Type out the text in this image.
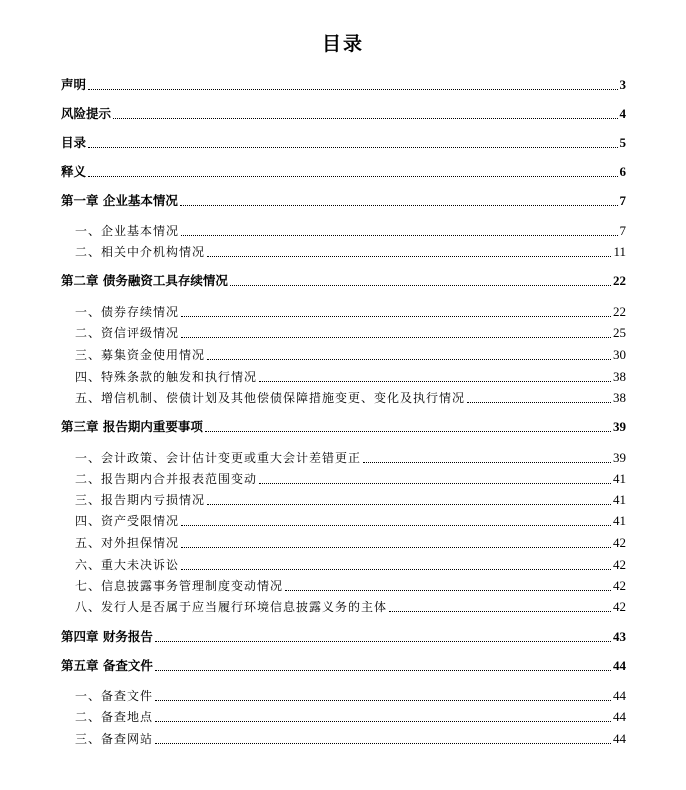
目录
声明	3
风险提示	4
目录	5
释义	6
第一章 企业基本情况	7
一、企业基本情况	7
二、相关中介机构情况	11
第二章 债务融资工具存续情况	22
一、债券存续情况	22
二、资信评级情况	25
三、募集资金使用情况	30
四、特殊条款的触发和执行情况	38
五、增信机制、偿债计划及其他偿债保障措施变更、变化及执行情况	38
第三章 报告期内重要事项	39
一、会计政策、会计估计变更或重大会计差错更正	39
二、报告期内合并报表范围变动	41
三、报告期内亏损情况	41
四、资产受限情况	41
五、对外担保情况	42
六、重大未决诉讼	42
七、信息披露事务管理制度变动情况	42
八、发行人是否属于应当履行环境信息披露义务的主体	42
第四章 财务报告	43
第五章 备查文件	44
一、备查文件	44
二、备查地点	44
三、备查网站	44
